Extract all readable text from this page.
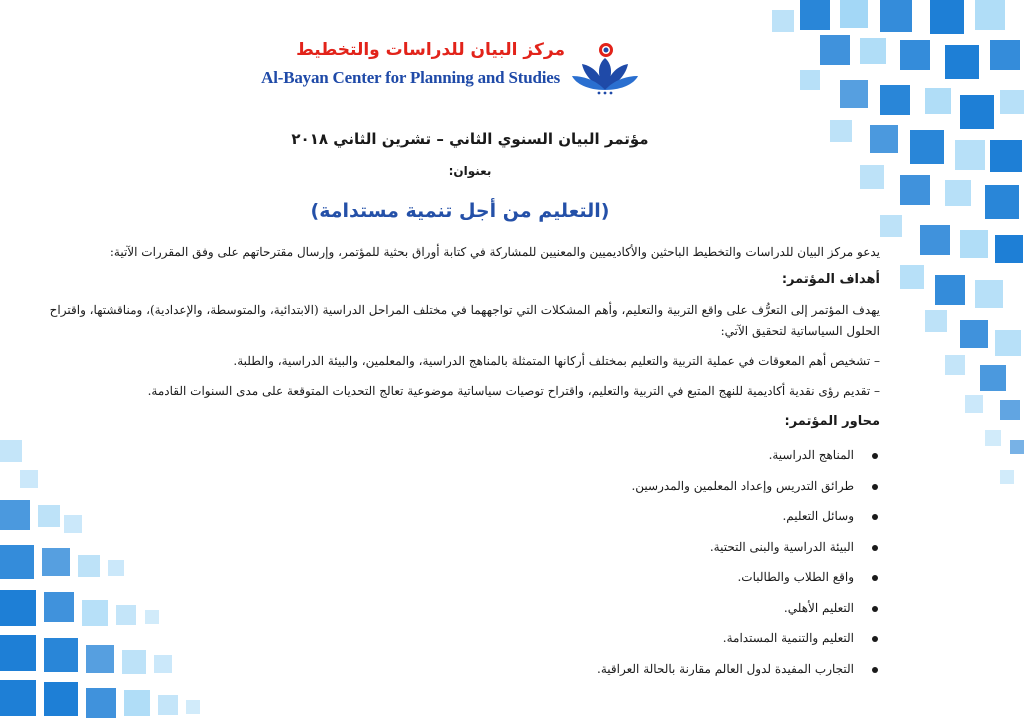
مركز البيان للدراسات والتخطيط
Al-Bayan Center for Planning and Studies
مؤتمر البيان السنوي الثاني – تشرين الثاني ٢٠١٨
بعنوان:
(التعليم من أجل تنمية مستدامة)
يدعو مركز البيان للدراسات والتخطيط الباحثين والأكاديميين والمعنيين للمشاركة في كتابة أوراق بحثية للمؤتمر، وإرسال مقترحاتهم على وفق المقررات الآتية:
أهداف المؤتمر:
يهدف المؤتمر إلى التعرُّف على واقع التربية والتعليم، وأهم المشكلات التي تواجههما في مختلف المراحل الدراسية (الابتدائية، والمتوسطة، والإعدادية)، ومناقشتها، واقتراح الحلول السياساتية لتحقيق الآتي:
– تشخيص أهم المعوقات في عملية التربية والتعليم بمختلف أركانها المتمثلة بالمناهج الدراسية، والمعلمين، والبيئة الدراسية، والطلبة.
– تقديم رؤى نقدية أكاديمية للنهج المتبع في التربية والتعليم، واقتراح توصيات سياساتية موضوعية تعالج التحديات المتوقعة على مدى السنوات القادمة.
محاور المؤتمر:
المناهج الدراسية.
طرائق التدريس وإعداد المعلمين والمدرسين.
وسائل التعليم.
البيئة الدراسية والبنى التحتية.
واقع الطلاب والطالبات.
التعليم الأهلي.
التعليم والتنمية المستدامة.
التجارب المفيدة لدول العالم مقارنة بالحالة العراقية.
